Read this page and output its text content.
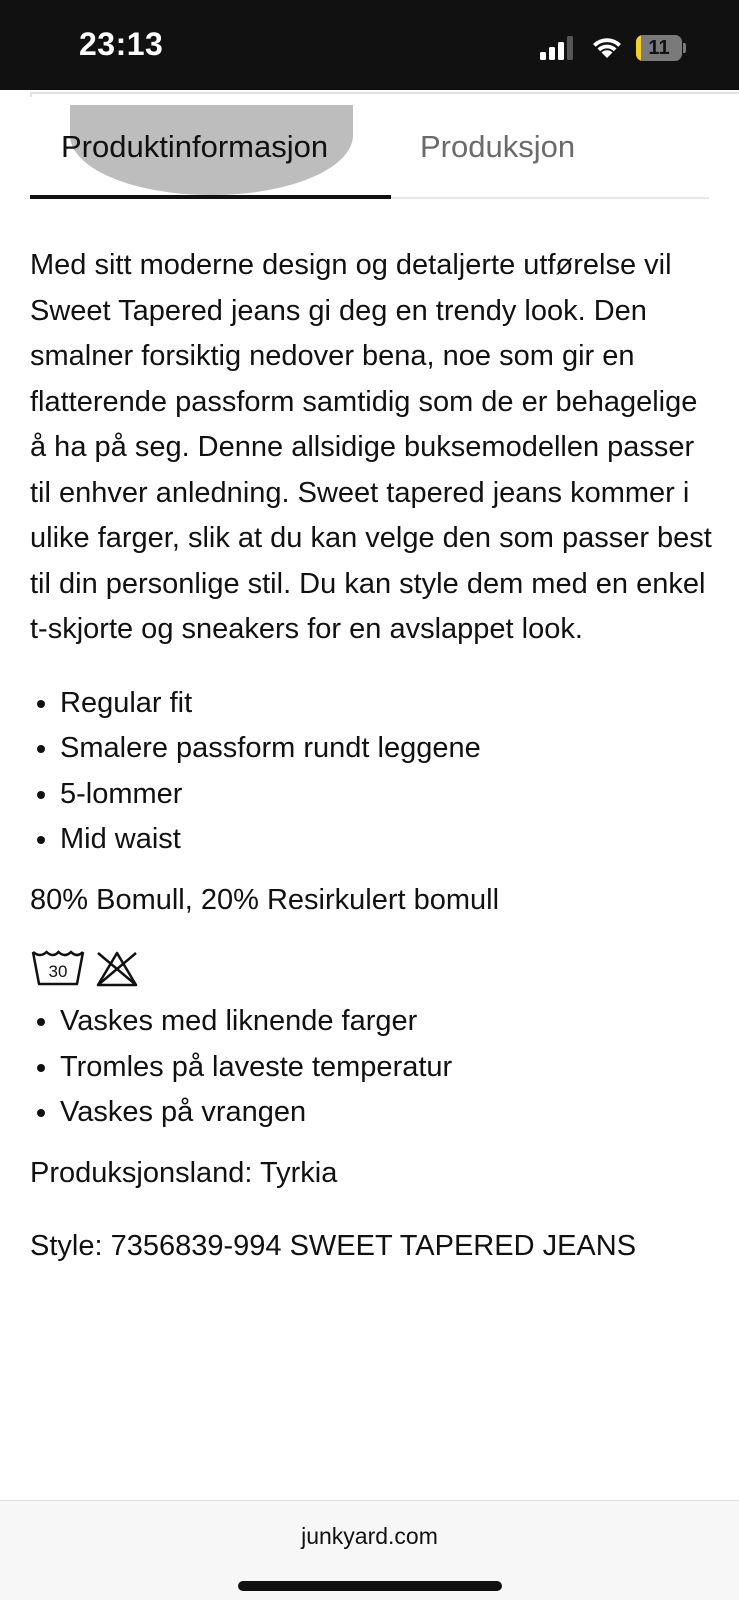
23:13	11
Produktinformasjon	Produksjon

Med sitt moderne design og detaljerte utførelse vil Sweet Tapered jeans gi deg en trendy look. Den smalner forsiktig nedover bena, noe som gir en flatterende passform samtidig som de er behagelige å ha på seg. Denne allsidige buksemodellen passer til enhver anledning. Sweet tapered jeans kommer i ulike farger, slik at du kan velge den som passer best til din personlige stil. Du kan style dem med en enkel t-skjorte og sneakers for en avslappet look.

• Regular fit
• Smalere passform rundt leggene
• 5-lommer
• Mid waist

80% Bomull, 20% Resirkulert bomull

30
• Vaskes med liknende farger
• Tromles på laveste temperatur
• Vaskes på vrangen

Produksjonsland: Tyrkia

Style: 7356839-994 SWEET TAPERED JEANS

junkyard.com
